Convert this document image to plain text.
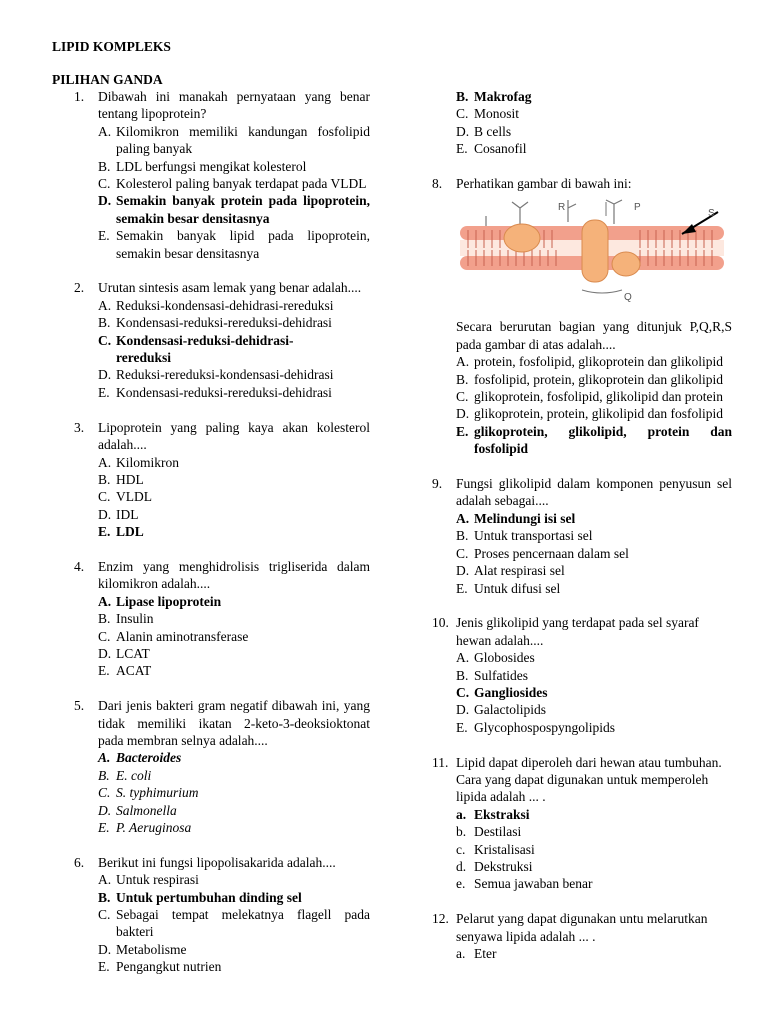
LIPID KOMPLEKS
PILIHAN GANDA
1. Dibawah ini manakah pernyataan yang benar tentang lipoprotein?
A. Kilomikron memiliki kandungan fosfolipid paling banyak
B. LDL berfungsi mengikat kolesterol
C. Kolesterol paling banyak terdapat pada VLDL
D. Semakin banyak protein pada lipoprotein, semakin besar densitasnya
E. Semakin banyak lipid pada lipoprotein, semakin besar densitasnya
2. Urutan sintesis asam lemak yang benar adalah....
A. Reduksi-kondensasi-dehidrasi-rereduksi
B. Kondensasi-reduksi-rereduksi-dehidrasi
C. Kondensasi-reduksi-dehidrasi-rereduksi
D. Reduksi-rereduksi-kondensasi-dehidrasi
E. Kondensasi-reduksi-rereduksi-dehidrasi
3. Lipoprotein yang paling kaya akan kolesterol adalah....
A. Kilomikron
B. HDL
C. VLDL
D. IDL
E. LDL
4. Enzim yang menghidrolisis trigliserida dalam kilomikron adalah....
A. Lipase lipoprotein
B. Insulin
C. Alanin aminotransferase
D. LCAT
E. ACAT
5. Dari jenis bakteri gram negatif dibawah ini, yang tidak memiliki ikatan 2-keto-3-deoksioktonat pada membran selnya adalah....
A. Bacteroides
B. E. coli
C. S. typhimurium
D. Salmonella
E. P. Aeruginosa
6. Berikut ini fungsi lipopolisakarida adalah....
A. Untuk respirasi
B. Untuk pertumbuhan dinding sel
C. Sebagai tempat melekatnya flagell pada bakteri
D. Metabolisme
E. Pengangkut nutrien
B. Makrofag
C. Monosit
D. B cells
E. Cosanofil
8. Perhatikan gambar di bawah ini:
R	P
S
Q
Secara berurutan bagian yang ditunjuk P,Q,R,S pada gambar di atas adalah....
A. protein, fosfolipid, glikoprotein dan glikolipid
B. fosfolipid, protein, glikoprotein dan glikolipid
C. glikoprotein, fosfolipid, glikolipid dan protein
D. glikoprotein, protein, glikolipid dan fosfolipid
E. glikoprotein, glikolipid, protein dan fosfolipid
9. Fungsi glikolipid dalam komponen penyusun sel adalah sebagai....
A. Melindungi isi sel
B. Untuk transportasi sel
C. Proses pencernaan dalam sel
D. Alat respirasi sel
E. Untuk difusi sel
10. Jenis glikolipid yang terdapat pada sel syaraf hewan adalah....
A. Globosides
B. Sulfatides
C. Gangliosides
D. Galactolipids
E. Glycophospospyngolipids
11. Lipid dapat diperoleh dari hewan atau tumbuhan. Cara yang dapat digunakan untuk memperoleh lipida adalah ... .
a. Ekstraksi
b. Destilasi
c. Kristalisasi
d. Dekstruksi
e. Semua jawaban benar
12. Pelarut yang dapat digunakan untu melarutkan senyawa lipida adalah ... .
a. Eter
